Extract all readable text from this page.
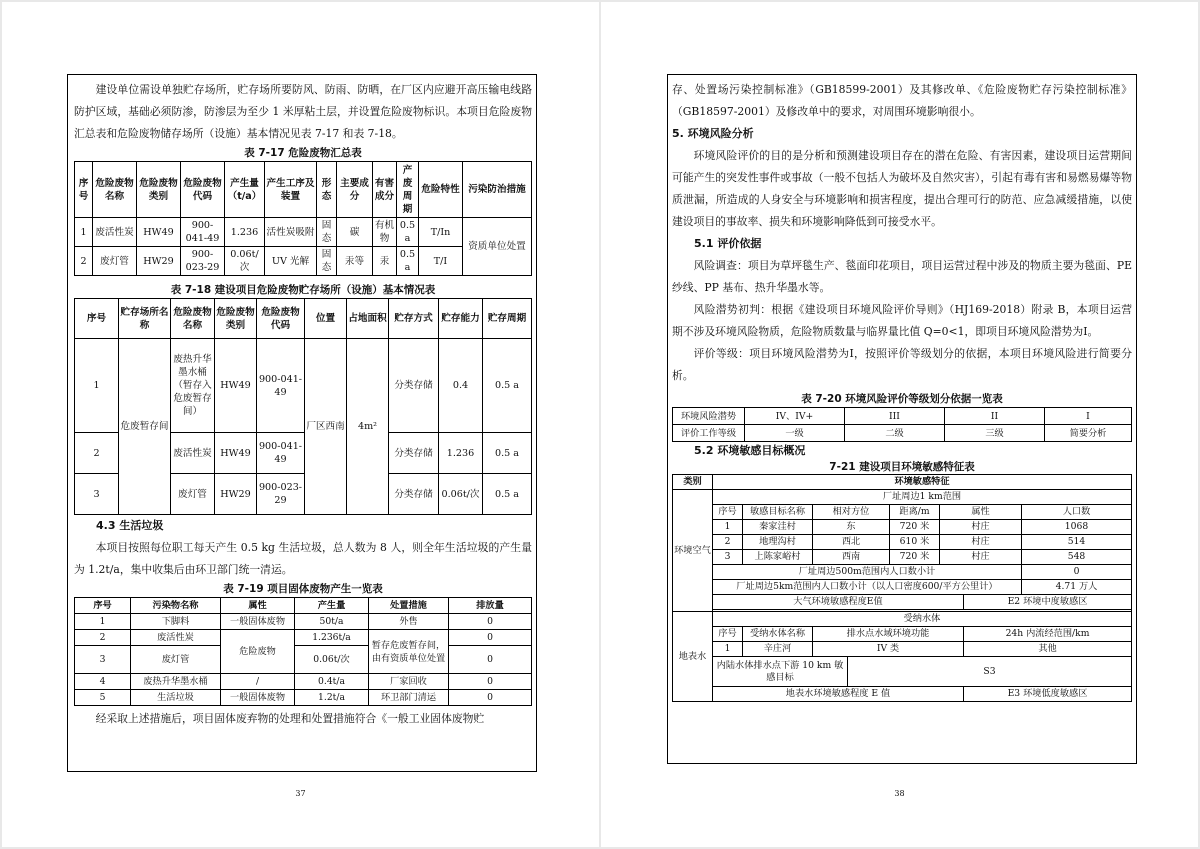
建设单位需设单独贮存场所，贮存场所要防风、防雨、防晒，在厂区内应避开高压输电线路防护区域，基础必须防渗，防渗层为至少 1 米厚粘土层，并设置危险废物标识。本项目危险废物汇总表和危险废物储存场所（设施）基本情况见表 7-17 和表 7-18。

表 7-17 危险废物汇总表
序号	危险废物名称	危险废物类别	危险废物代码	产生量（t/a）	产生工序及装置	形态	主要成分	有害成分	产废周期	危险特性	污染防治措施
1	废活性炭	HW49	900-041-49	1.236	活性炭吸附	固态	碳	有机物	0.5 a	T/In	资质单位处置
2	废灯管	HW29	900-023-29	0.06t/次	UV 光解	固态	汞等	汞	0.5 a	T/I	
表 7-18 建设项目危险废物贮存场所（设施）基本情况表
序号	贮存场所名称	危险废物名称	危险废物类别	危险废物代码	位置	占地面积	贮存方式	贮存能力	贮存周期
1	危废暂存间	废热升华墨水桶（暂存入危废暂存间）	HW49	900-041-49	厂区西南	4m²	分类存储	0.4	0.5 a
2		废活性炭	HW49	900-041-49			分类存储	1.236	0.5 a
3		废灯管	HW29	900-023-29			分类存储	0.06t/次	0.5 a
4.3 生活垃圾

本项目按照每位职工每天产生 0.5 kg 生活垃圾，总人数为 8 人，则全年生活垃圾的产生量为 1.2t/a，集中收集后由环卫部门统一清运。

表 7-19 项目固体废物产生一览表
序号	污染物名称	属性	产生量	处置措施	排放量
1	下脚料	一般固体废物	50t/a	外售	0
2	废活性炭	危险废物	1.236t/a	暂存危废暂存间，由有资质单位处置	0
3	废灯管		0.06t/次		0
4	废热升华墨水桶	/	0.4t/a	厂家回收	0
5	生活垃圾	一般固体废物	1.2t/a	环卫部门清运	0

经采取上述措施后，项目固体废弃物的处理和处置措施符合《一般工业固体废物贮

37

存、处置场污染控制标准》（GB18599-2001）及其修改单、《危险废物贮存污染控制标准》（GB18597-2001）及修改单中的要求，对周围环境影响很小。

5. 环境风险分析

环境风险评价的目的是分析和预测建设项目存在的潜在危险、有害因素，建设项目运营期间可能产生的突发性事件或事故（一般不包括人为破坏及自然灾害），引起有毒有害和易燃易爆等物质泄漏，所造成的人身安全与环境影响和损害程度，提出合理可行的防范、应急减缓措施，以使建设项目的事故率、损失和环境影响降低到可接受水平。

5.1 评价依据

风险调查：项目为草坪毯生产、毯面印花项目，项目运营过程中涉及的物质主要为毯面、PE 纱线、PP 基布、热升华墨水等。

风险潜势初判：根据《建设项目环境风险评价导则》（HJ169-2018）附录 B，本项目运营期不涉及环境风险物质，危险物质数量与临界量比值 Q=0<1，即项目环境风险潜势为I。

评价等级：项目环境风险潜势为I，按照评价等级划分的依据，本项目环境风险进行简要分析。

表 7-20 环境风险评价等级划分依据一览表
环境风险潜势	IV、IV+	III	II	I
评价工作等级	一级	二级	三级	简要分析
5.2 环境敏感目标概况
7-21 建设项目环境敏感特征表
类别	环境敏感特征							
环境空气	厂址周边1 km范围							
	序号	敏感目标名称	相对方位		距离/m	属性		人口数
	1	秦家洼村	东		720 米	村庄		1068
	2	地理沟村	西北		610 米	村庄		514
	3	上陈家峪村	西南		720 米	村庄		548
	厂址周边500m范围内人口数小计							0
	厂址周边5km范围内人口数小计（以人口密度600/平方公里计）							4.71 万人
	大气环境敏感程度E值						E2 环境中度敏感区	

地表水	受纳水体							
	序号	受纳水体名称	排水点水域环境功能				24h 内流经范围/km	
	1	辛庄河	IV 类				其他	
	内陆水体排水点下游 10 km 敏感目标			S3				
	地表水环境敏感程度 E 值						E3 环境低度敏感区	
38
